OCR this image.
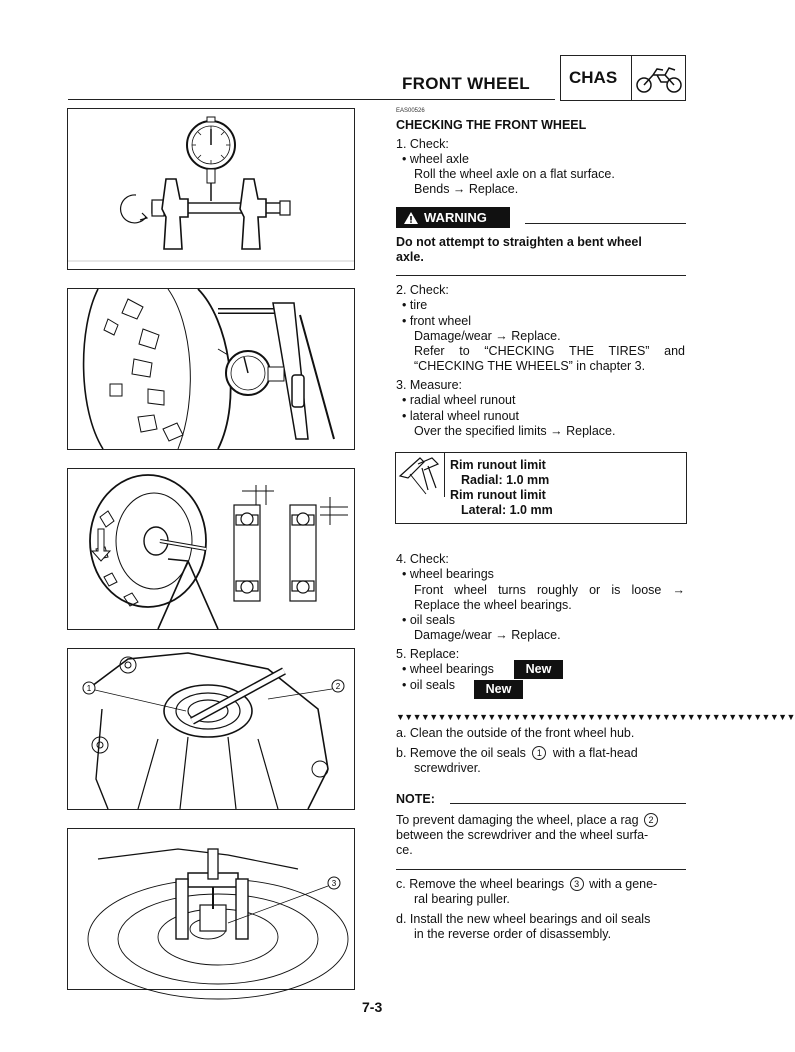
FRONT WHEEL CHAS
1	2
3
EAS00526
CHECKING THE FRONT WHEEL
1. Check:
• wheel axle
Roll the wheel axle on a flat surface.
Bends → Replace.
WARNING
Do not attempt to straighten a bent wheel
axle.
2. Check:
• tire
• front wheel
Damage/wear → Replace.
Refer to “CHECKING THE TIRES” and
“CHECKING THE WHEELS” in chapter 3.
3. Measure:
• radial wheel runout
• lateral wheel runout
Over the specified limits → Replace.
Rim runout limit
Radial: 1.0 mm
Rim runout limit
Lateral: 1.0 mm
4. Check:
• wheel bearings
Front wheel turns roughly or is loose →
Replace the wheel bearings.
• oil seals
Damage/wear → Replace.
5. Replace:
• wheel bearings	New
• oil seals	New
▼▼▼▼▼▼▼▼▼▼▼▼▼▼▼▼▼▼▼▼▼▼▼▼▼▼▼▼▼▼▼▼▼▼▼▼▼▼▼▼▼▼▼▼▼▼▼▼
a. Clean the outside of the front wheel hub.
b. Remove the oil seals 1 with a flat-head
screwdriver.
NOTE:
To prevent damaging the wheel, place a rag 2
between the screwdriver and the wheel surfa-
ce.
c. Remove the wheel bearings 3 with a gene-
ral bearing puller.
d. Install the new wheel bearings and oil seals
in the reverse order of disassembly.
7-3
